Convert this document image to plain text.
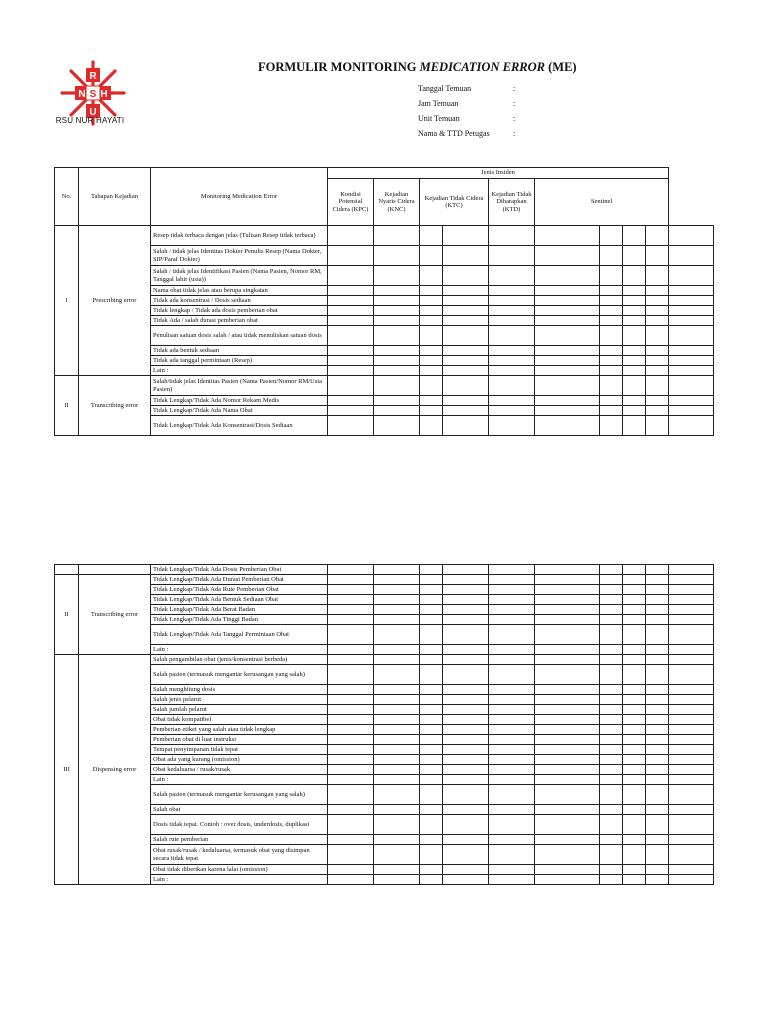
R
N H
U
S
RSU NUR HAYATI
FORMULIR MONITORING MEDICATION ERROR (ME)
Tanggal Temuan	:
Jam Temuan	:
Unit Temuan	:
Nama & TTD Petugas	:
No.	Tahapan Kejadian	Monitoring Medication Error	Jenis Insiden									
			Kondisi Potensial Cidera (KPC)	Kejadian Nyaris Cidera (KNC)	Kejadian Tidak Cidera (KTC)		Kejadian Tidak Diharapkan (KTD)	Sentinel				
I	Prescribing error	Resep tidak terbaca dengan jelas (Tulisan Resep tidak terbaca)										
		Salah / tidak jelas Identitas Dokter Penulis Resep (Nama Dokter, SIP/Paraf Dokter)										
		Salah / tidak jelas Identifikasi Pasien (Nama Pasien, Nomor RM, Tanggal lahir (usia))										
		Nama obat tidak jelas atau berupa singkatan										
		Tidak ada konsentrasi / Dosis sediaan										
		Tidak lengkap / Tidak ada dosis pemberian obat										
		Tidak Ada / salah durasi pemberian obat										
		Penulisan satuan dosis salah / atau tidak menuliskan satuan dosis										
		Tidak ada bentuk sediaan										
		Tidak ada tanggal permintaan (Resep)										
		Lain :										
II	Transcribing error	Salah/tidak jelas Identitas Pasien (Nama Pasien/Nomor RM/Usia Pasien)										
		Tidak Lengkap/Tidak Ada Nomor Rekam Medis										
		Tidak Lengkap/Tidak Ada Nama Obat										
		Tidak Lengkap/Tidak Ada Konsentrasi/Dosis Sediaan										
		Tidak Lengkap/Tidak Ada Dosis Pemberian Obat										
II	Transcribing error	Tidak Lengkap/Tidak Ada Durasi Pemberian Obat										
		Tidak Lengkap/Tidak Ada Rute Pemberian Obat										
		Tidak Lengkap/Tidak Ada Bentuk Sediaan Obat										
		Tidak Lengkap/Tidak Ada Berat Badan										
		Tidak Lengkap/Tidak Ada Tinggi Badan										
		Tidak Lengkap/Tidak Ada Tanggal Permintaan Obat										
		Lain :										
III	Dispensing error	Salah pengambilan obat (jenis/konsentrasi berbeda)										
		Salah pasien (termasuk mengantar kerusangan yang salah)										
		Salah menghitung dosis										
		Salah jenis pelarut										
		Salah jumlah pelarut										
		Obat tidak kompatibel										
		Pemberian etiket yang salah atau tidak lengkap										
		Pemberian obat di luar instruksi										
		Tempat penyimpanan tidak tepat										
		Obat ada yang kurang (omission)										
		Obat kedaluarsa / rusak/rusak										
		Lain :										
		Salah pasien (termasuk mengantar kerusangan yang salah)										
		Salah obat										
		Dosis tidak tepat. Contoh : over dosis, underdosis, duplikasi										
		Salah rute pemberian										
		Obat rusak/rusak / kedaluarsa, termasuk obat yang disimpan secara tidak tepat										
		Obat tidak diberikan karena lalai (omission)										
		Lain :										
